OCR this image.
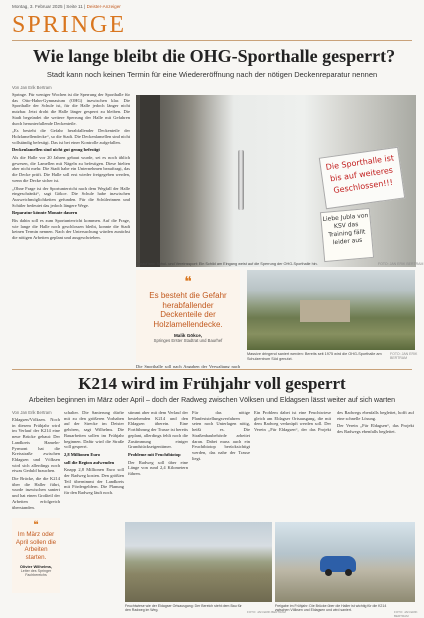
Montag, 3. Februar 2025 | Seite 11 | Deister-Anzeiger
SPRINGE
Wie lange bleibt die OHG-Sporthalle gesperrt?
Stadt kann noch keinen Termin für eine Wiedereröffnung nach der nötigen Deckenreparatur nennen
Von Jan Erik Bertram

Springe. Für weniger Wochen ist die Sperrung der Sporthalle für das Otto-Hahn-Gymnasium (OHG) inzwischen klar. Die Sporthalle der Schule ist, für die Halle jedoch länger nicht nutzbar. Jetzt droht die Halle länger gesperrt zu bleiben. Die Stadt begründet die weitere Sperrung der Halle mit Gefahren durch herunterfallende Deckenteile.

„Es besteht die Gefahr herabfallender Deckenteile der Holzlamellendecke“, so die Stadt. Die Deckenlamellen sind nicht vollständig befestigt. Das ist bei einer Kontrolle aufgefallen.

Deckenlamellen sind nicht gut genug befestigt

Als die Halle vor 20 Jahren gebaut wurde, sei es noch üblich gewesen, die Lamellen mit Nägeln zu befestigen. Diese hielten aber nicht mehr. Die Stadt habe ein Unternehmen beauftragt, das die Decke prüft. Die Halle soll erst wieder freigegeben werden, wenn die Decke sicher ist.

„Ohne Frage ist der Sportunterricht nach dem Wegfall der Halle eingeschränkt“, sagt Gökce. Die Schule habe inzwischen Ausweichmöglichkeiten gefunden. Für die Schülerinnen und Schüler bedeutet das jedoch längere Wege.

Reparatur könnte Monate dauern

Bis dahin soll es zum Sportunterricht kommen. Auf die Frage, wie lange die Halle noch geschlossen bleibt, konnte die Stadt keinen Termin nennen. Nach der Untersuchung würden zunächst die nötigen Arbeiten geplant und ausgeschrieben.

Die Sporthalle ist bis auf weiteres Geschlossen!!!
Liebe Jubla von KSV das Training fällt leider aus
Darauf kein Schul- und Vereinssport: Ein Schild am Eingang weist auf die Sperrung der OHG-Sporthalle hin.	FOTO: JAN ERIK BERTRAM
❝
Es besteht die Gefahr herabfallender Deckenteile der Holzlamellendecke.
Malik Gökce,
Springes Erster Stadtrat und Baurhef

Die Sporthalle soll nach Angaben der Verwaltung nach

Massive dringend saniert werden: Bereits seit 1975 wird die OHG-Sporthalle am Schulzentrum Süd genutzt.
FOTO: JAN ERIK BERTRAM
K214 wird im Frühjahr voll gesperrt
Arbeiten beginnen im März oder April – doch der Radweg zwischen Völksen und Eldagsen lässt weiter auf sich warten
Von Jan Erik Bertram

Eldagsen/Völksen. Noch in diesem Frühjahr wird im Verlauf der K214 eine neue Brücke gebaut: Der Landkreis Hameln-Pyrmont hat die Kreisstraße zwischen Eldagsen und Völksen wird sich allerdings noch etwas Geduld brauchen.

Die Brücke, die die K214 über die Haller führt, wurde inzwischen saniert und hat einen Großteil der Arbeiten erfolgreich überstanden.

❝
Im März oder April sollen die Arbeiten starten.
Olivier Wilhelms,
Leiter des Springer Fachbereichs

schalter. Die Sanierung dürfte mit zu den größeren Vorhaben auf der Strecke im Deister gehören, sagt Wilhelms. Die Bauarbeiten sollen im Frühjahr beginnen. Dafür wird die Straße voll gesperrt.

2,8 Millionen Euro

soll die Region aufwenden

Knapp 2,8 Millionen Euro soll der Radweg kosten. Den größten Teil übernimmt der Landkreis mit Fördergeldern. Die Planung für den Radweg läuft noch.

stimmt aber mit dem Verlauf der bestehenden K214 und den Eldagsen überein. Eine Fortführung der Trasse ist bereits geplant, allerdings fehlt noch die Zustimmung einiger Grundstückseigentümer.

Probleme mit Feuchtbiotop

Der Radweg soll über eine Länge von rund 2,4 Kilometern führen.

Für das nötige Planfeststellungsverfahren seien noch Unterlagen nötig, heißt es. Die Straßenbaubehörde arbeitet daran. Dabei muss auch ein Feuchtbiotop berücksichtigt werden, das nahe der Trasse liegt.

Ein Problem dabei ist eine Feuchtwiese gleich am Eldagser Ortsausgang, die mit dem Radweg verknüpft werden soll. Der Verein „Für Eldagsen“, der das Projekt des Radwegs ebenfalls begleitet, hofft auf eine schnelle Lösung.

Der Verein „Für Eldagsen“, das Projekt des Radwegs ebenfalls begleitet.

Feuchtwiese wie der Eldagser Ortsausgang: Der Bereich steht dem Bau für den Radweg im Weg.	FOTO: JAN ERIK BERTRAM
Freigabe im Frühjahr: Die Brücke über die Haller ist wichtig für die K214 zwischen Völksen und Eldagsen und wird saniert.	FOTO: JAN ERIK BERTRAM
